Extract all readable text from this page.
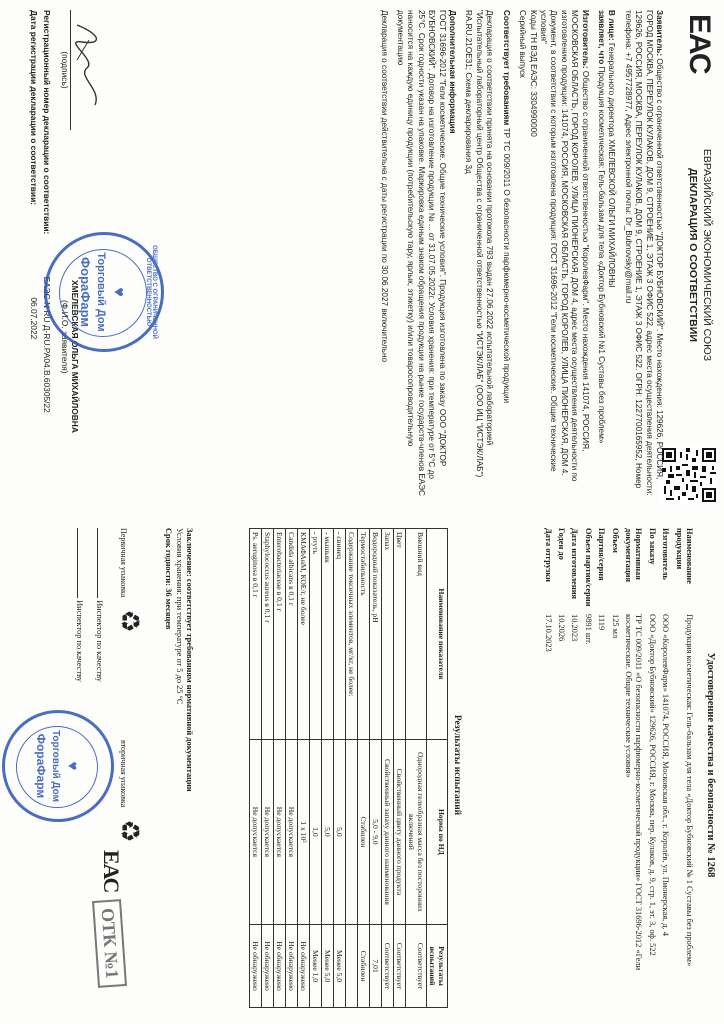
ЕАС
ЕВРАЗИЙСКИЙ ЭКОНОМИЧЕСКИЙ СОЮЗ
ДЕКЛАРАЦИЯ О СООТВЕТСТВИИ

Заявитель: Общество с ограниченной ответственностью "ДОКТОР БУБНОВСКИЙ". Место нахождения: 129626, РОССИЯ, ГОРОД МОСКВА, ПЕРЕУЛОК КУЛАКОВ, ДОМ 9, СТРОЕНИЕ 1, ЭТАЖ 3 ОФИС 522, адрес места осуществления деятельности: 129626, РОССИЯ, МОСКВА, ПЕРЕУЛОК КУЛАКОВ, ДОМ 9, СТРОЕНИЕ 1, ЭТАЖ 3 ОФИС 522. ОГРН: 1227700165952, Номер телефона: +7 4957728977, Адрес электронной почты: Dr_Bubnovsky@mail.ru

В лице: Генерального директора ХМЕЛЕВСКОЙ ОЛЬГИ МИХАЙЛОВНЫ
заявляет, что Продукция косметическая: Гель-бальзам для тела «Доктор Бубновский №1 Суставы без проблем»

Изготовитель: Общество с ограниченной ответственностью "КоролевФарм". Место нахождения 141074, РОССИЯ, МОСКОВСКАЯ ОБЛАСТЬ, ГОРОД КОРОЛЕВ, УЛИЦА ПИОНЕРСКАЯ, ДОМ 4, адрес места осуществления деятельности по изготовлению продукции: 141074, РОССИЯ, МОСКОВСКАЯ ОБЛАСТЬ, ГОРОД КОРОЛЕВ, УЛИЦА ПИОНЕРСКАЯ, ДОМ 4. Документ, в соответствии с которым изготовлена продукция: ГОСТ 31696-2012 "Гели косметические. Общие технические условия"
Коды ТН ВЭД ЕАЭС: 3304990000
Серийный выпуск

Соответствует требованиям ТР ТС 009/2011 О безопасности парфюмерно-косметической продукции

Декларация о соответствии принята на основании протокола 793 выдан 27.06.2022 испытательной лабораторией "Испытательный лабораторный центр Общества с ограниченной ответственностью "ИСТЭК/ЛАБ" (ООО ИЦ "ИСТЭК/ЛАБ") RA.RU.21OE31; Схема декларирования 3д

Дополнительная информация
ГОСТ 31696-2012 "Гели косметические. Общие технические условия". Продукция изготовлена по заказу ООО "ДОКТОР БУБНОВСКИЙ". Договор на изготовление продукции № ... от 31.07.05.2022г. Условия хранения: при температуре от 5°С до 25°С. Срок годности указан на упаковке. Маркировка единым знаком обращения продукции на рынке государств-членов ЕАЭС наносится на каждую единицу продукции (потребительскую тару, ярлык, этикетку) и/или товаросопроводительную документацию

Декларация о соответствии действительна с даты регистрации по 30.06.2027 включительно

ХМЕЛЕВСКАЯ ОЛЬГА МИХАЙЛОВНА
(подпись)
(Ф.И.О. заявителя)
Регистрационный номер декларации о соответствии: ЕАЭС N RU Д-RU.РА04.В.60305/22
Дата регистрации декларации о соответствии: 06.07.2022
♥
Торговый Дом
ФораФарм	ОБЩЕСТВО С ОГРАНИЧЕННОЙ ОТВЕТСТВЕННОСТЬЮ
Удостоверение качества и безопасности № 1268
Наименование продукции
Продукция косметическая: Гель-бальзам для тела «Доктор Бубновский № 1 Суставы без проблем»
Изготовитель
ООО «КоролевФарм» 141074, РОССИЯ, Московская обл., г. Королёв, ул. Пионерская, д. 4
По заказу
ООО «Доктор Бубновский» 129626, РОССИЯ, г. Москва, пер. Кулаков, д. 9, стр. 1, эт. 3, оф. 522
Нормативная документация
ТР ТС 009/2011 «О безопасности парфюмерно-косметической продукции» ГОСТ 31696-2012 «Гели косметические. Общие технические условия»
Объем
125 мл
Партия/серия
1119
Объем партии/серии
9891 шт.
Дата изготовления
10.2023
Годен до
10.2026
Дата отгрузки
17.10.2023
Результаты испытаний
Наименование показателя	Норма по НД	Результаты испытаний
Внешний вид	Однородная гелеобразная масса без посторонних включений	Соответствует
Цвет	Свойственный цвету данного продукта	Соответствует
Запах	Свойственный запаху данного наименования	Соответствует
Водородный показатель, pH	5,0 - 9,0	7,01
Термостабильность	Стабилен	Стабилен
Содержание токсичных элементов, мг/кг, не более:		
- свинец	5,0	Менее 5,0
- мышьяк	5,0	Менее 5,0
- ртуть	1,0	Менее 1,0
КМАФАнМ, КОЕ/г, не более	1 x 10³	Не обнаружено
Candida albicans в 0,1 г	Не допускается	Не обнаружено
Enterobacteriaceae в 0,1 г	Не допускается	Не обнаружено
Staphylococcus aureus в 0,1 г	Не допускается	Не обнаружено
Ps. aeruginosa в 0,1 г	Не допускается	Не обнаружено
Заключение: соответствует требованиям нормативной документации
Условия хранения: при температуре от 5 до 25 °С
Срок годности: 36 месяцев
Первичная упаковка ♻
вторичная упаковка ♻
Инспектор по качеству
Инспектор по качеству
ЕАС
ОТК №1
♥
Торговый Дом
ФораФарм
